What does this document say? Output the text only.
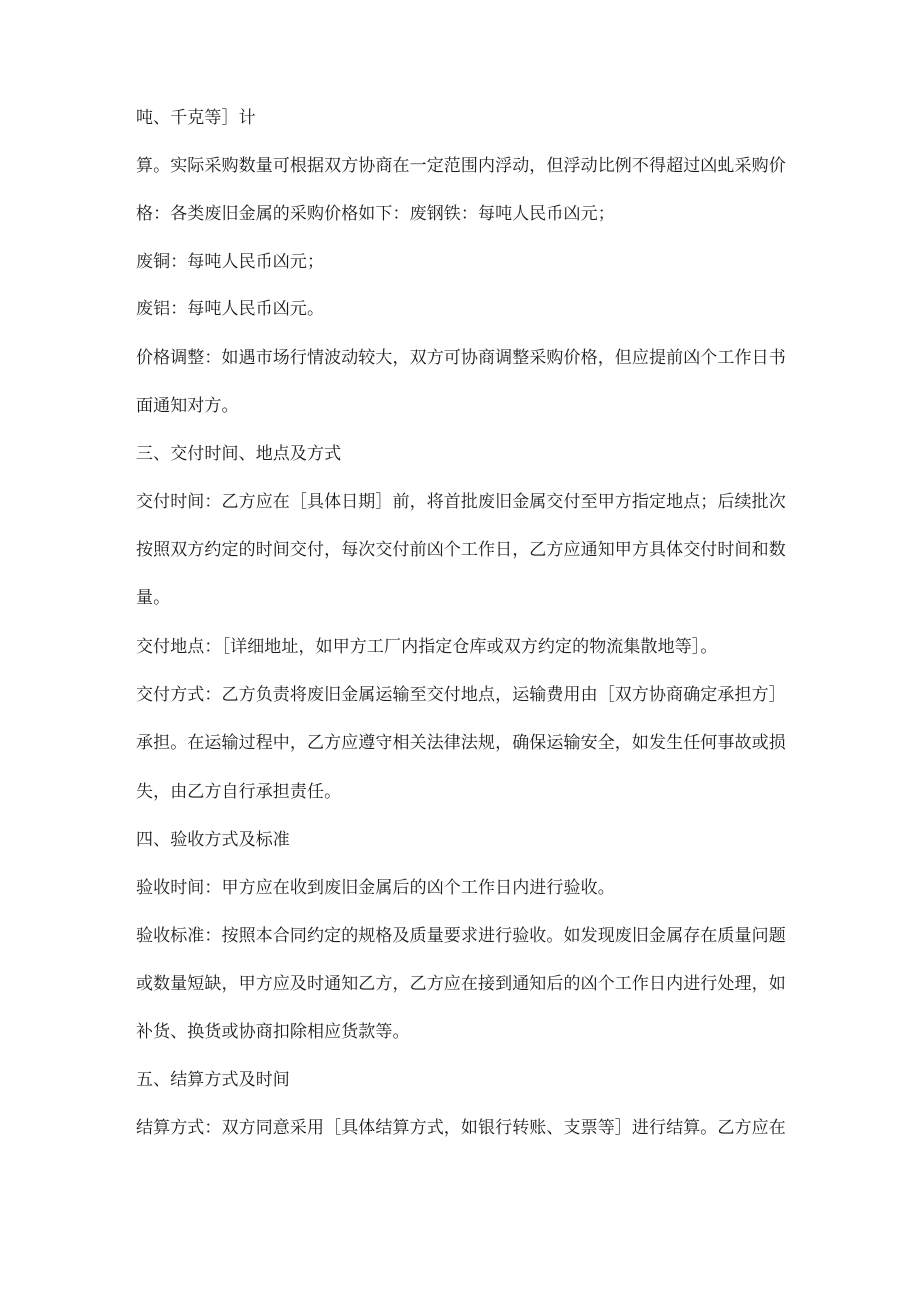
吨、千克等］计
算。实际采购数量可根据双方协商在一定范围内浮动，但浮动比例不得超过凶虬采购价
格：各类废旧金属的采购价格如下：废钢铁：每吨人民币凶元；
废铜：每吨人民币凶元；
废铝：每吨人民币凶元。
价格调整：如遇市场行情波动较大，双方可协商调整采购价格，但应提前凶个工作日书
面通知对方。
三、交付时间、地点及方式
交付时间：乙方应在［具体日期］前，将首批废旧金属交付至甲方指定地点；后续批次
按照双方约定的时间交付，每次交付前凶个工作日，乙方应通知甲方具体交付时间和数
量。
交付地点：［详细地址，如甲方工厂内指定仓库或双方约定的物流集散地等］。
交付方式：乙方负责将废旧金属运输至交付地点，运输费用由［双方协商确定承担方］
承担。在运输过程中，乙方应遵守相关法律法规，确保运输安全，如发生任何事故或损
失，由乙方自行承担责任。
四、验收方式及标准
验收时间：甲方应在收到废旧金属后的凶个工作日内进行验收。
验收标准：按照本合同约定的规格及质量要求进行验收。如发现废旧金属存在质量问题
或数量短缺，甲方应及时通知乙方，乙方应在接到通知后的凶个工作日内进行处理，如
补货、换货或协商扣除相应货款等。
五、结算方式及时间
结算方式：双方同意采用［具体结算方式，如银行转账、支票等］进行结算。乙方应在
